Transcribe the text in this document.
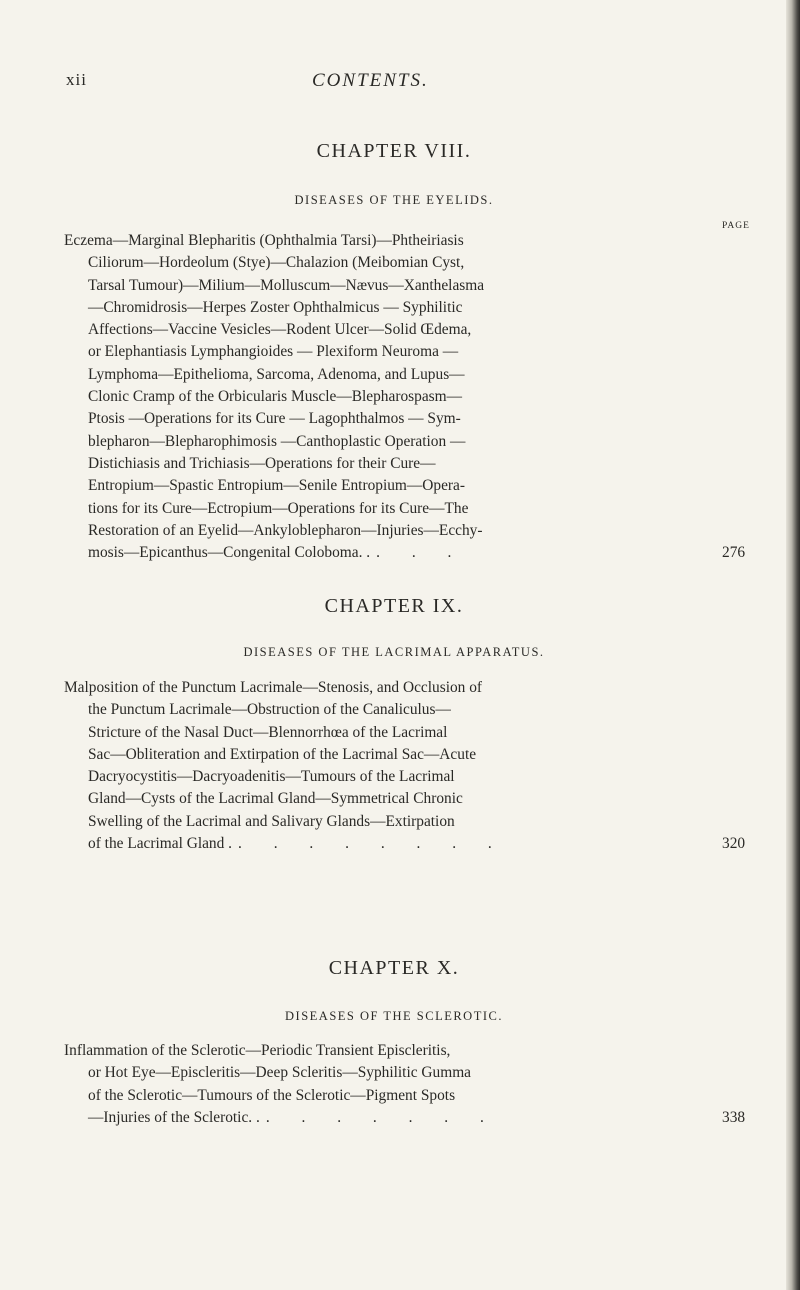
xii	CONTENTS.
CHAPTER VIII.
DISEASES OF THE EYELIDS.
PAGE
Eczema—Marginal Blepharitis (Ophthalmia Tarsi)—Phtheiriasis
Ciliorum—Hordeolum (Stye)—Chalazion (Meibomian Cyst,
Tarsal Tumour)—Milium—Molluscum—Nævus—Xanthelasma
—Chromidrosis—Herpes Zoster Ophthalmicus — Syphilitic
Affections—Vaccine Vesicles—Rodent Ulcer—Solid Œdema,
or Elephantiasis Lymphangioides — Plexiform Neuroma —
Lymphoma—Epithelioma, Sarcoma, Adenoma, and Lupus—
Clonic Cramp of the Orbicularis Muscle—Blepharospasm—
Ptosis —Operations for its Cure — Lagophthalmos — Sym-
blepharon—Blepharophimosis —Canthoplastic Operation —
Distichiasis and Trichiasis—Operations for their Cure—
Entropium—Spastic Entropium—Senile Entropium—Opera-
tions for its Cure—Ectropium—Operations for its Cure—The
Restoration of an Eyelid—Ankyloblepharon—Injuries—Ecchy-
mosis—Epicanthus—Congenital Coloboma. . . . .	276
CHAPTER IX.
DISEASES OF THE LACRIMAL APPARATUS.
Malposition of the Punctum Lacrimale—Stenosis, and Occlusion of
the Punctum Lacrimale—Obstruction of the Canaliculus—
Stricture of the Nasal Duct—Blennorrhœa of the Lacrimal
Sac—Obliteration and Extirpation of the Lacrimal Sac—Acute
Dacryocystitis—Dacryoadenitis—Tumours of the Lacrimal
Gland—Cysts of the Lacrimal Gland—Symmetrical Chronic
Swelling of the Lacrimal and Salivary Glands—Extirpation
of the Lacrimal Gland . . . . . . . . .	320
CHAPTER X.
DISEASES OF THE SCLEROTIC.
Inflammation of the Sclerotic—Periodic Transient Episcleritis,
or Hot Eye—Episcleritis—Deep Scleritis—Syphilitic Gumma
of the Sclerotic—Tumours of the Sclerotic—Pigment Spots
—Injuries of the Sclerotic. . . . . . . . .	338
